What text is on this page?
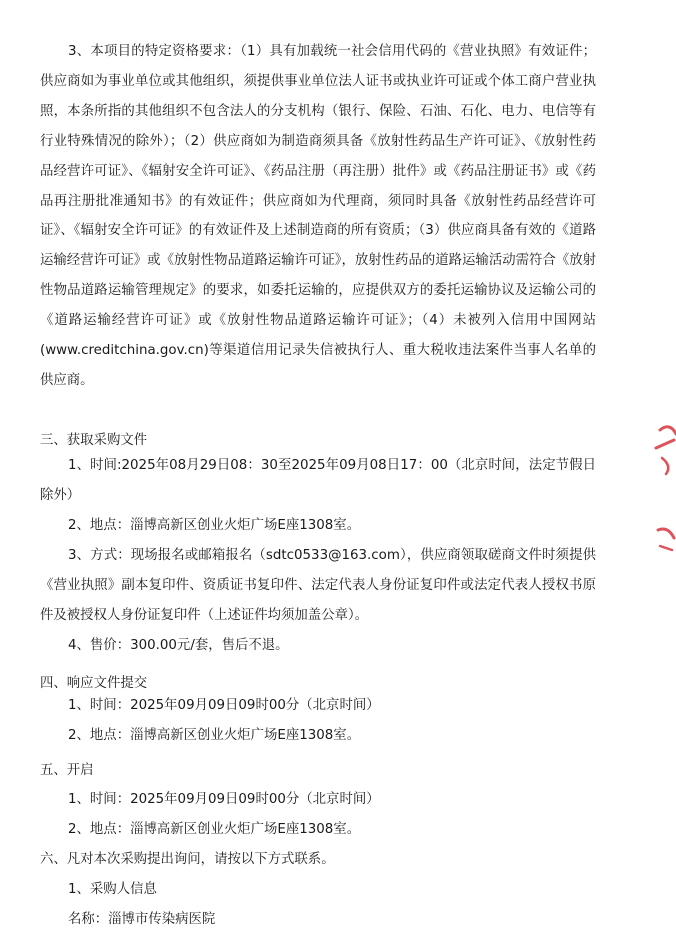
3、本项目的特定资格要求：（1）具有加载统一社会信用代码的《营业执照》有效证件；供应商如为事业单位或其他组织，须提供事业单位法人证书或执业许可证或个体工商户营业执照，本条所指的其他组织不包含法人的分支机构（银行、保险、石油、石化、电力、电信等有行业特殊情况的除外）；（2）供应商如为制造商须具备《放射性药品生产许可证》、《放射性药品经营许可证》、《辐射安全许可证》、《药品注册（再注册）批件》或《药品注册证书》或《药品再注册批准通知书》的有效证件；供应商如为代理商，须同时具备《放射性药品经营许可证》、《辐射安全许可证》的有效证件及上述制造商的所有资质；（3）供应商具备有效的《道路运输经营许可证》或《放射性物品道路运输许可证》，放射性药品的道路运输活动需符合《放射性物品道路运输管理规定》的要求，如委托运输的，应提供双方的委托运输协议及运输公司的《道路运输经营许可证》或《放射性物品道路运输许可证》；（4）未被列入信用中国网站(www.creditchina.gov.cn)等渠道信用记录失信被执行人、重大税收违法案件当事人名单的供应商。

三、获取采购文件

1、时间:2025年08月29日08：30至2025年09月08日17：00（北京时间，法定节假日除外）

2、地点：淄博高新区创业火炬广场E座1308室。

3、方式：现场报名或邮箱报名（sdtc0533@163.com），供应商领取磋商文件时须提供《营业执照》副本复印件、资质证书复印件、法定代表人身份证复印件或法定代表人授权书原件及被授权人身份证复印件（上述证件均须加盖公章）。

4、售价：300.00元/套，售后不退。

四、响应文件提交

1、时间：2025年09月09日09时00分（北京时间）

2、地点：淄博高新区创业火炬广场E座1308室。

五、开启

1、时间：2025年09月09日09时00分（北京时间）

2、地点：淄博高新区创业火炬广场E座1308室。

六、凡对本次采购提出询问，请按以下方式联系。

1、采购人信息

名称：淄博市传染病医院
